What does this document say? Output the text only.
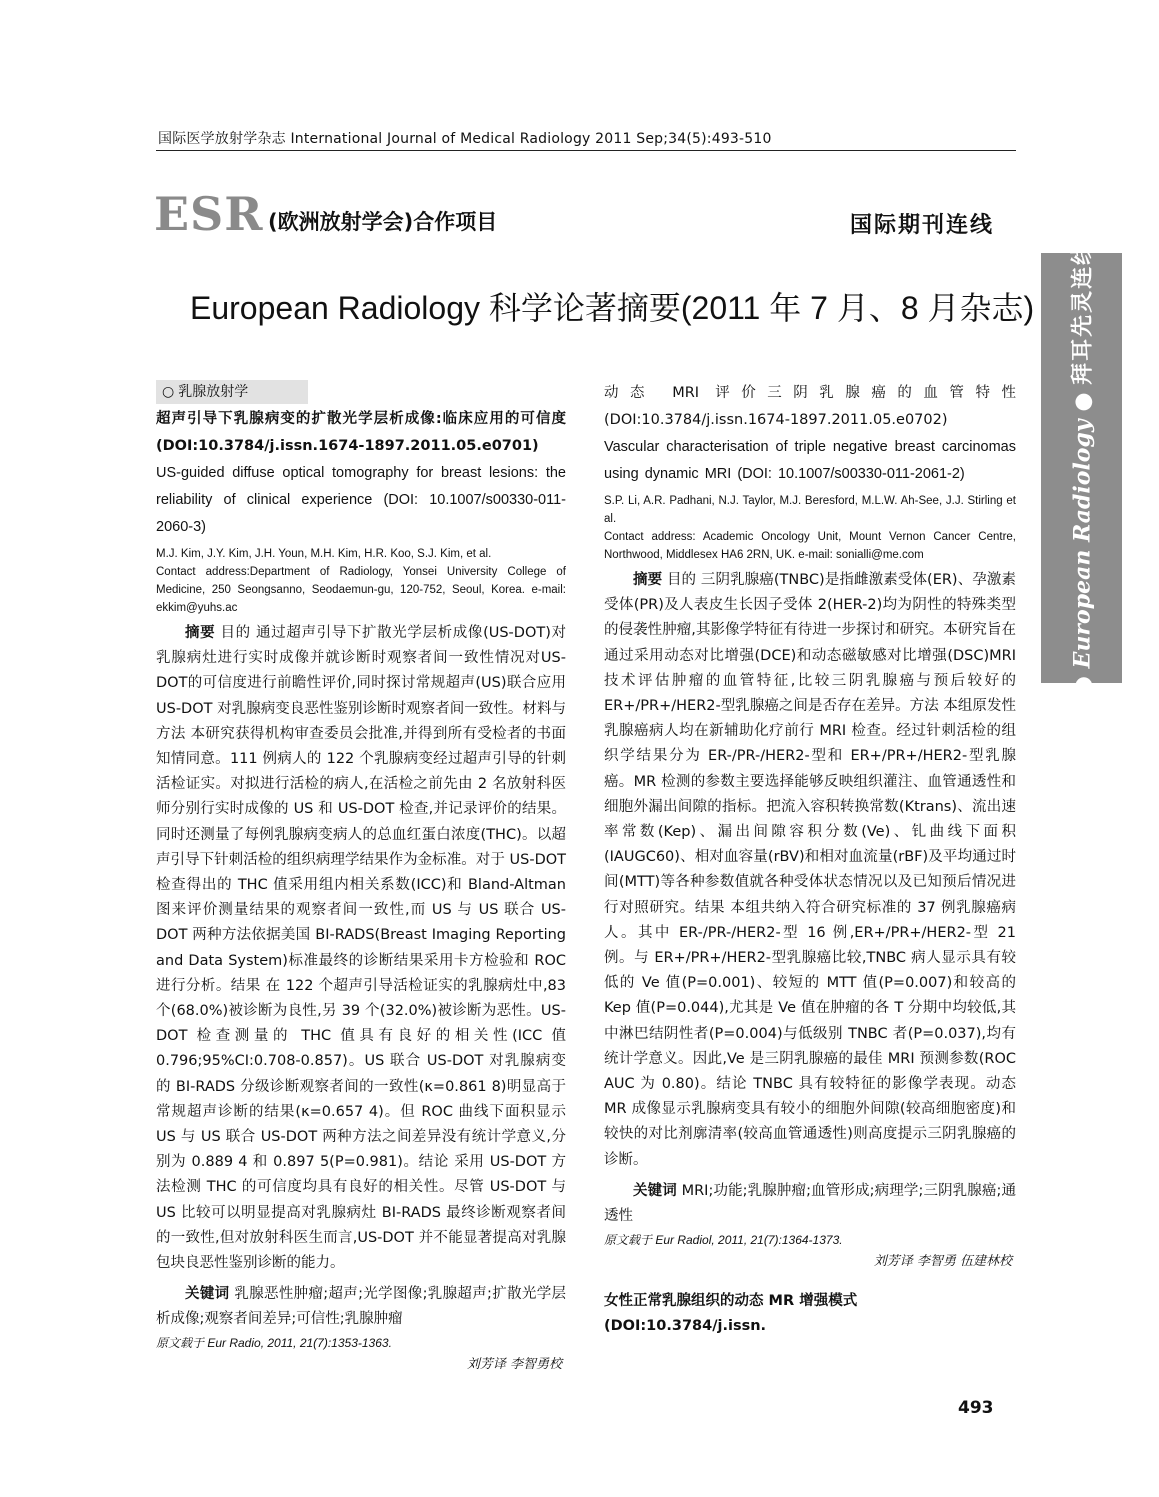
国际医学放射学杂志 International Journal of Medical Radiology 2011 Sep;34(5):493-510
ESR (欧洲放射学会)合作项目	国际期刊连线
European Radiology 科学论著摘要(2011 年 7 月、8 月杂志)
● European Radiology ● 拜耳先灵连线
○ 乳腺放射学
超声引导下乳腺病变的扩散光学层析成像:临床应用的可信度(DOI:10.3784/j.issn.1674-1897.2011.05.e0701)
US-guided diffuse optical tomography for breast lesions: the reliability of clinical experience (DOI: 10.1007/s00330-011-2060-3)
M.J. Kim, J.Y. Kim, J.H. Youn, M.H. Kim, H.R. Koo, S.J. Kim, et al.
Contact address:Department of Radiology, Yonsei University College of Medicine, 250 Seongsanno, Seodaemun-gu, 120-752, Seoul, Korea. e-mail: ekkim@yuhs.ac
摘要 目的 通过超声引导下扩散光学层析成像(US-DOT)对乳腺病灶进行实时成像并就诊断时观察者间一致性情况对US-DOT的可信度进行前瞻性评价,同时探讨常规超声(US)联合应用 US-DOT 对乳腺病变良恶性鉴别诊断时观察者间一致性。材料与方法 本研究获得机构审查委员会批准,并得到所有受检者的书面知情同意。111 例病人的 122 个乳腺病变经过超声引导的针刺活检证实。对拟进行活检的病人,在活检之前先由 2 名放射科医师分别行实时成像的 US 和 US-DOT 检查,并记录评价的结果。同时还测量了每例乳腺病变病人的总血红蛋白浓度(THC)。以超声引导下针刺活检的组织病理学结果作为金标准。对于 US-DOT 检查得出的 THC 值采用组内相关系数(ICC)和 Bland-Altman 图来评价测量结果的观察者间一致性,而 US 与 US 联合 US-DOT 两种方法依据美国 BI-RADS(Breast Imaging Reporting and Data System)标准最终的诊断结果采用卡方检验和 ROC 进行分析。结果 在 122 个超声引导活检证实的乳腺病灶中,83 个(68.0%)被诊断为良性,另 39 个(32.0%)被诊断为恶性。US-DOT 检查测量的 THC 值具有良好的相关性(ICC 值 0.796;95%CI:0.708-0.857)。US 联合 US-DOT 对乳腺病变的 BI-RADS 分级诊断观察者间的一致性(κ=0.861 8)明显高于常规超声诊断的结果(κ=0.657 4)。但 ROC 曲线下面积显示 US 与 US 联合 US-DOT 两种方法之间差异没有统计学意义,分别为 0.889 4 和 0.897 5(P=0.981)。结论 采用 US-DOT 方法检测 THC 的可信度均具有良好的相关性。尽管 US-DOT 与 US 比较可以明显提高对乳腺病灶 BI-RADS 最终诊断观察者间的一致性,但对放射科医生而言,US-DOT 并不能显著提高对乳腺包块良恶性鉴别诊断的能力。
关键词 乳腺恶性肿瘤;超声;光学图像;乳腺超声;扩散光学层析成像;观察者间差异;可信性;乳腺肿瘤
原文载于 Eur Radio, 2011, 21(7):1353-1363.
刘芳译 李智勇校
动态 MRI 评价三阴乳腺癌的血管特性(DOI:10.3784/j.issn.1674-1897.2011.05.e0702)
Vascular characterisation of triple negative breast carcinomas using dynamic MRI (DOI: 10.1007/s00330-011-2061-2)
S.P. Li, A.R. Padhani, N.J. Taylor, M.J. Beresford, M.L.W. Ah-See, J.J. Stirling et al.
Contact address: Academic Oncology Unit, Mount Vernon Cancer Centre, Northwood, Middlesex HA6 2RN, UK. e-mail: sonialli@me.com
摘要 目的 三阴乳腺癌(TNBC)是指雌激素受体(ER)、孕激素受体(PR)及人表皮生长因子受体 2(HER-2)均为阴性的特殊类型的侵袭性肿瘤,其影像学特征有待进一步探讨和研究。本研究旨在通过采用动态对比增强(DCE)和动态磁敏感对比增强(DSC)MRI 技术评估肿瘤的血管特征,比较三阴乳腺癌与预后较好的 ER+/PR+/HER2-型乳腺癌之间是否存在差异。方法 本组原发性乳腺癌病人均在新辅助化疗前行 MRI 检查。经过针刺活检的组织学结果分为 ER-/PR-/HER2-型和 ER+/PR+/HER2-型乳腺癌。MR 检测的参数主要选择能够反映组织灌注、血管通透性和细胞外漏出间隙的指标。把流入容积转换常数(Ktrans)、流出速率常数(Kep)、漏出间隙容积分数(Ve)、钆曲线下面积(IAUGC60)、相对血容量(rBV)和相对血流量(rBF)及平均通过时间(MTT)等各种参数值就各种受体状态情况以及已知预后情况进行对照研究。结果 本组共纳入符合研究标准的 37 例乳腺癌病人。其中 ER-/PR-/HER2-型 16 例,ER+/PR+/HER2-型 21 例。与 ER+/PR+/HER2-型乳腺癌比较,TNBC 病人显示具有较低的 Ve 值(P=0.001)、较短的 MTT 值(P=0.007)和较高的 Kep 值(P=0.044),尤其是 Ve 值在肿瘤的各 T 分期中均较低,其中淋巴结阴性者(P=0.004)与低级别 TNBC 者(P=0.037),均有统计学意义。因此,Ve 是三阴乳腺癌的最佳 MRI 预测参数(ROC AUC 为 0.80)。结论 TNBC 具有较特征的影像学表现。动态 MR 成像显示乳腺病变具有较小的细胞外间隙(较高细胞密度)和较快的对比剂廓清率(较高血管通透性)则高度提示三阴乳腺癌的诊断。
关键词 MRI;功能;乳腺肿瘤;血管形成;病理学;三阴乳腺癌;通透性
原文载于 Eur Radiol, 2011, 21(7):1364-1373.
刘芳译 李智勇 伍建林校
女性正常乳腺组织的动态 MR 增强模式(DOI:10.3784/j.issn.
493
